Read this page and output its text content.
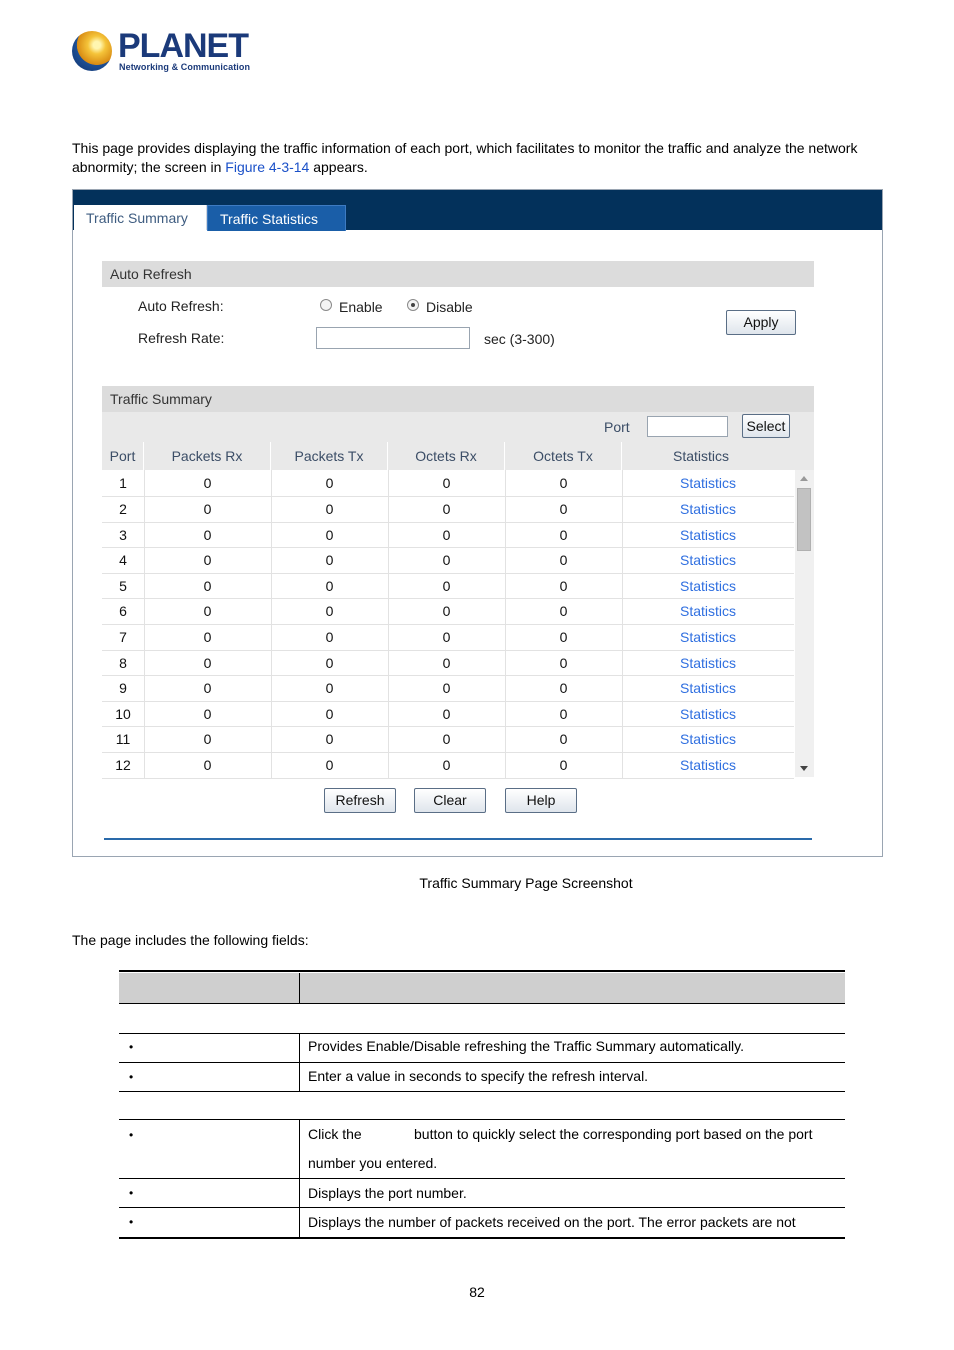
PLANET
Networking & Communication
This page provides displaying the traffic information of each port, which facilitates to monitor the traffic and analyze the network abnormity; the screen in Figure 4-3-14 appears.
Traffic Summary	Traffic Statistics
Auto Refresh
Auto Refresh:	Enable	Disable
Apply
Refresh Rate:	sec (3-300)
Traffic Summary
Port	Select
Port	Packets Rx	Packets Tx	Octets Rx	Octets Tx	Statistics
1	0	0	0	0	Statistics
2	0	0	0	0	Statistics
3	0	0	0	0	Statistics
4	0	0	0	0	Statistics
5	0	0	0	0	Statistics
6	0	0	0	0	Statistics
7	0	0	0	0	Statistics
8	0	0	0	0	Statistics
9	0	0	0	0	Statistics
10	0	0	0	0	Statistics
11	0	0	0	0	Statistics
12	0	0	0	0	Statistics
Refresh	Clear	Help
Traffic Summary Page Screenshot
The page includes the following fields:
•	Provides Enable/Disable refreshing the Traffic Summary automatically.
•	Enter a value in seconds to specify the refresh interval.
•	Click the	button to quickly select the corresponding port based on the port
number you entered.
•	Displays the port number.
•	Displays the number of packets received on the port. The error packets are not
82
